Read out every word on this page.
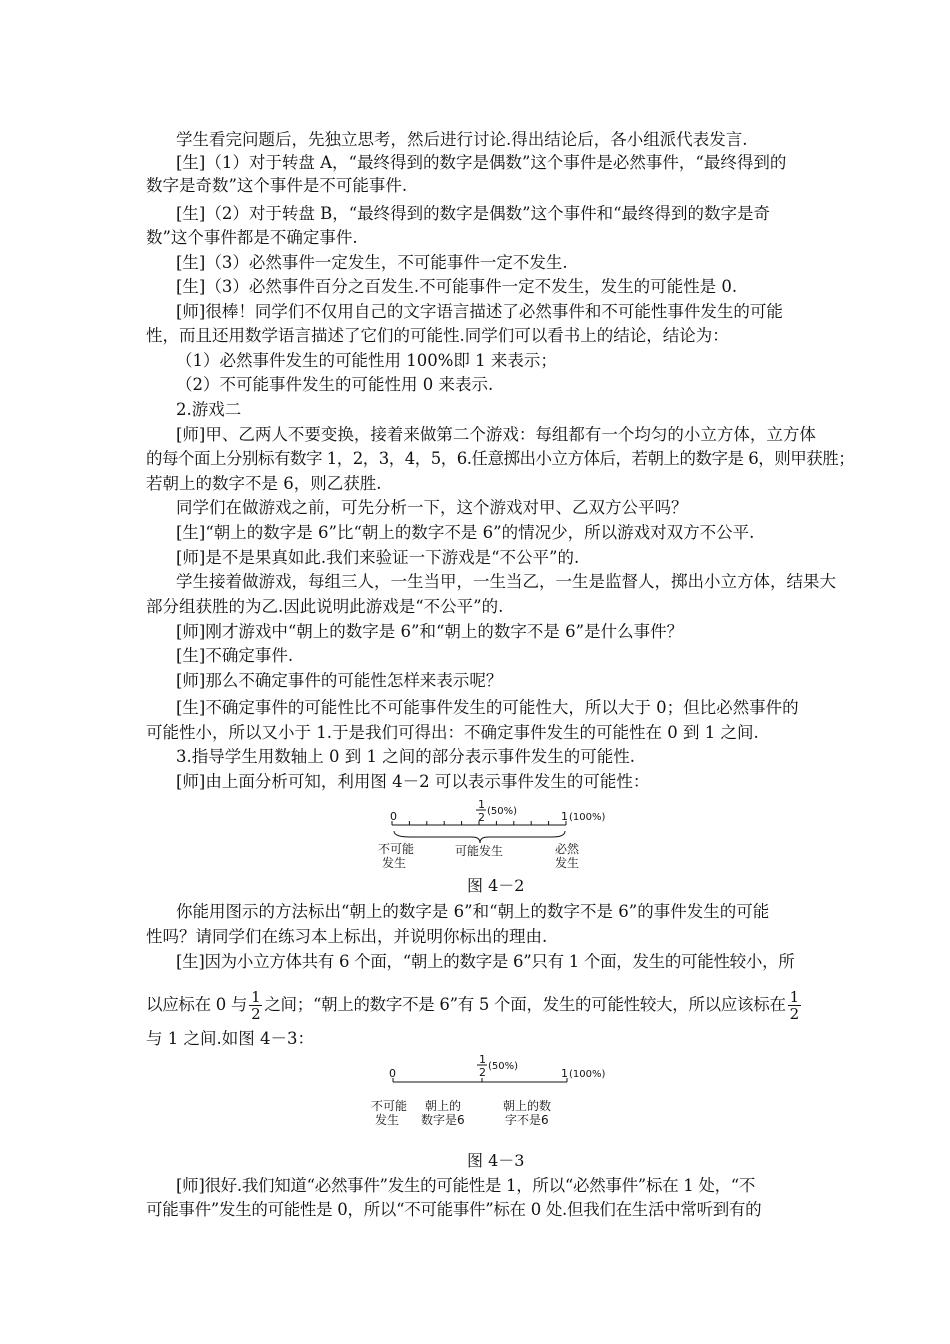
学生看完问题后，先独立思考，然后进行讨论.得出结论后，各小组派代表发言.
[生]（1）对于转盘 A，“最终得到的数字是偶数”这个事件是必然事件，“最终得到的
数字是奇数”这个事件是不可能事件.
[生]（2）对于转盘 B，“最终得到的数字是偶数”这个事件和“最终得到的数字是奇
数”这个事件都是不确定事件.
[生]（3）必然事件一定发生，不可能事件一定不发生.
[生]（3）必然事件百分之百发生.不可能事件一定不发生，发生的可能性是 0.
[师]很棒！同学们不仅用自己的文字语言描述了必然事件和不可能性事件发生的可能
性，而且还用数学语言描述了它们的可能性.同学们可以看书上的结论，结论为：
（1）必然事件发生的可能性用 100%即 1 来表示；
（2）不可能事件发生的可能性用 0 来表示.
2.游戏二
[师]甲、乙两人不要变换，接着来做第二个游戏：每组都有一个均匀的小立方体，立方体
的每个面上分别标有数字 1，2，3，4，5，6.任意掷出小立方体后，若朝上的数字是 6，则甲获胜；
若朝上的数字不是 6，则乙获胜.
同学们在做游戏之前，可先分析一下，这个游戏对甲、乙双方公平吗？
[生]“朝上的数字是 6”比“朝上的数字不是 6”的情况少，所以游戏对双方不公平.
[师]是不是果真如此.我们来验证一下游戏是“不公平”的.
学生接着做游戏，每组三人，一生当甲，一生当乙，一生是监督人，掷出小立方体，结果大
部分组获胜的为乙.因此说明此游戏是“不公平”的.
[师]刚才游戏中“朝上的数字是 6”和“朝上的数字不是 6”是什么事件？
[生]不确定事件.
[师]那么不确定事件的可能性怎样来表示呢？
[生]不确定事件的可能性比不可能事件发生的可能性大，所以大于 0；但比必然事件的
可能性小，所以又小于 1.于是我们可得出：不确定事件发生的可能性在 0 到 1 之间.
3.指导学生用数轴上 0 到 1 之间的部分表示事件发生的可能性.
[师]由上面分析可知，利用图 4－2 可以表示事件发生的可能性：
0
1
2 (50%)	1 (100%)
不可能
发生
可能发生	必然
发生
图 4－2
你能用图示的方法标出“朝上的数字是 6”和“朝上的数字不是 6”的事件发生的可能
性吗？请同学们在练习本上标出，并说明你标出的理由.
[生]因为小立方体共有 6 个面，“朝上的数字是 6”只有 1 个面，发生的可能性较小，所
以应标在 0 与 $\frac{1}{2}$ 之间；“朝上的数字不是 6”有 5 个面，发生的可能性较大，所以应该标在 $\frac{1}{2}$
与 1 之间.如图 4－3：
0
1
2 (50%)
1 (100%)
不可能
发生
朝上的
数字是6
朝上的数
字不是6
图 4－3
[师]很好.我们知道“必然事件”发生的可能性是 1，所以“必然事件”标在 1 处，“不
可能事件”发生的可能性是 0，所以“不可能事件”标在 0 处.但我们在生活中常听到有的
